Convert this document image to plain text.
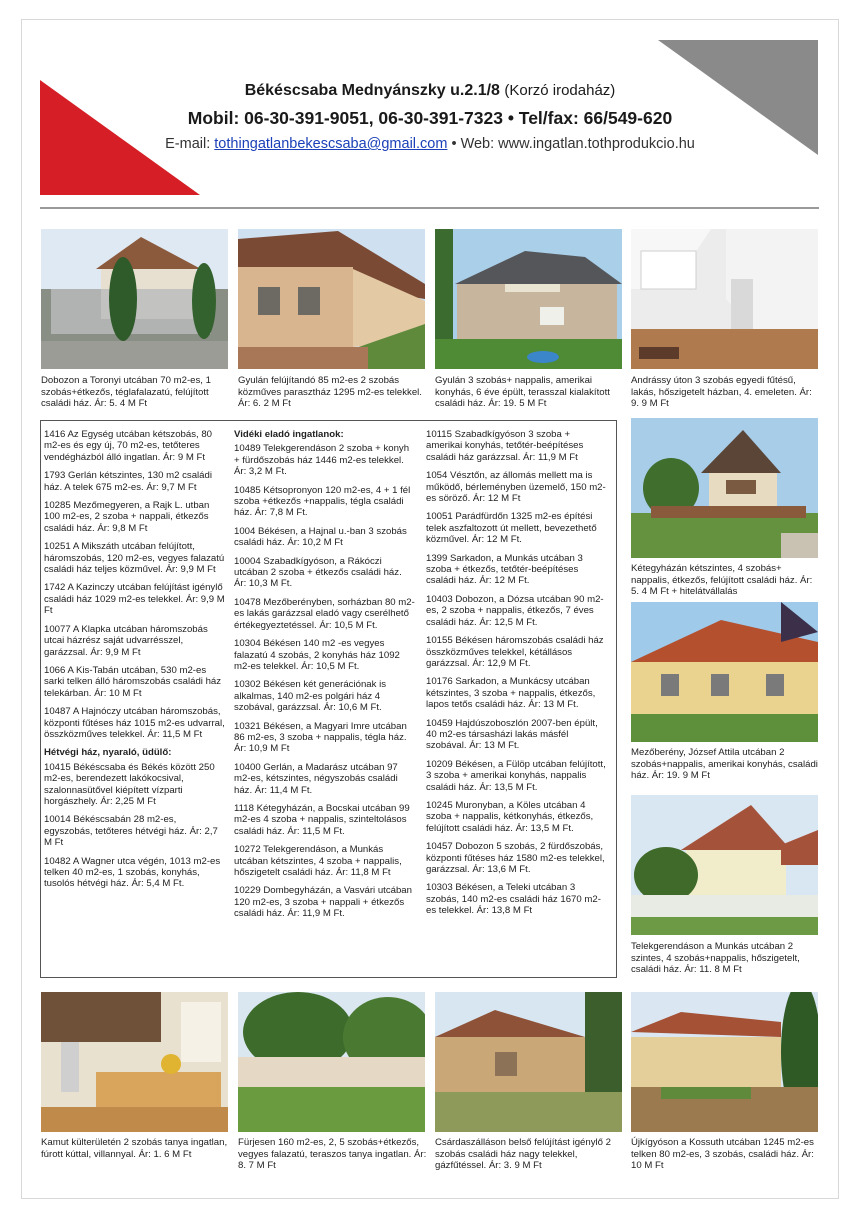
Békéscsaba Mednyánszky u.2.1/8 (Korzó irodaház)
Mobil: 06-30-391-9051, 06-30-391-7323 • Tel/fax: 66/549-620
E-mail: tothingatlanbekescsaba@gmail.com • Web: www.ingatlan.tothprodukcio.hu
Dobozon a Toronyi utcában 70 m2-es, 1 szobás+étkezős, téglafalazatú, felújított családi ház. Ár: 5. 4 M Ft
Gyulán felújítandó 85 m2-es 2 szobás közműves parasztház 1295 m2-es telekkel. Ár: 6. 2 M Ft
Gyulán 3 szobás+ nappalis, amerikai konyhás, 6 éve épült, terasszal kialakított családi ház. Ár: 19. 5 M Ft
Andrássy úton 3 szobás egyedi fűtésű, lakás, hőszigetelt házban, 4. emeleten. Ár: 9. 9 M Ft
1416 Az Egység utcában kétszobás, 80 m2-es és egy új, 70 m2-es, tetőteres vendégházból álló ingatlan. Ár: 9 M Ft
1793 Gerlán kétszintes, 130 m2 családi ház. A telek 675 m2-es. Ár: 9,7 M Ft
10285 Mezőmegyeren, a Rajk L. utban 100 m2-es, 2 szoba + nappali, étkezős családi ház. Ár: 9,8 M Ft
10251 A Mikszáth utcában felújított, háromszobás, 120 m2-es, vegyes falazatú családi ház teljes közművel. Ár: 9,9 M Ft
1742 A Kazinczy utcában felújítást igénylő családi ház 1029 m2-es telekkel. Ár: 9,9 M Ft
10077 A Klapka utcában háromszobás utcai házrész saját udvarrésszel, garázzsal. Ár: 9,9 M Ft
1066 A Kis-Tabán utcában, 530 m2-es sarki telken álló háromszobás családi ház telekárban. Ár: 10 M Ft
10487 A Hajnóczy utcában háromszobás, központi fűtéses ház 1015 m2-es udvarral, összközműves telekkel. Ár: 11,5 M Ft
Hétvégi ház, nyaraló, üdülő:
10415 Békéscsaba és Békés között 250 m2-es, berendezett lakókocsival, szalonnasütővel kiépített vízparti horgászhely. Ár: 2,25 M Ft
10014 Békéscsabán 28 m2-es, egyszobás, tetőteres hétvégi ház. Ár: 2,7 M Ft
10482 A Wagner utca végén, 1013 m2-es telken 40 m2-es, 1 szobás, konyhás, tusolós hétvégi ház. Ár: 5,4 M Ft.
Vidéki eladó ingatlanok:
10489 Telekgerendáson 2 szoba + konyh + fürdőszobás ház 1446 m2-es telekkel. Ár: 3,2 M Ft.
10485 Kétsopronyon 120 m2-es, 4 + 1 fél szoba +étkezős +nappalis, tégla családi ház. Ár: 7,8 M Ft.
1004 Békésen, a Hajnal u.-ban 3 szobás családi ház. Ár: 10,2 M Ft
10004 Szabadkígyóson, a Rákóczi utcában 2 szoba + étkezős családi ház. Ár: 10,3 M Ft.
10478 Mezőberényben, sorházban 80 m2-es lakás garázzsal eladó vagy cserélhető értékegyeztetéssel. Ár: 10,5 M Ft.
10304 Békésen 140 m2 -es vegyes falazatú 4 szobás, 2 konyhás ház 1092 m2-es telekkel. Ár: 10,5 M Ft.
10302 Békésen két generációnak is alkalmas, 140 m2-es polgári ház 4 szobával, garázzsal. Ár: 10,6 M Ft.
10321 Békésen, a Magyari Imre utcában 86 m2-es, 3 szoba + nappalis, tégla ház. Ár: 10,9 M Ft
10400 Gerlán, a Madarász utcában 97 m2-es, kétszintes, négyszobás családi ház. Ár: 11,4 M Ft.
1118 Kétegyházán, a Bocskai utcában 99 m2-es 4 szoba + nappalis, szinteltolásos családi ház. Ár: 11,5 M Ft.
10272 Telekgerendáson, a Munkás utcában kétszintes, 4 szoba + nappalis, hőszigetelt családi ház. Ár: 11,8 M Ft
10229 Dombegyházán, a Vasvári utcában 120 m2-es, 3 szoba + nappali + étkezős családi ház. Ár: 11,9 M Ft.
10115 Szabadkígyóson 3 szoba + amerikai konyhás, tetőtér-beépítéses családi ház garázzsal. Ár: 11,9 M Ft
1054 Vésztőn, az állomás mellett ma is működő, bérleményben üzemelő, 150 m2-es söröző. Ár: 12 M Ft
10051 Parádfürdőn 1325 m2-es építési telek aszfaltozott út mellett, bevezethető közművel. Ár: 12 M Ft.
1399 Sarkadon, a Munkás utcában 3 szoba + étkezős, tetőtér-beépítéses családi ház. Ár: 12 M Ft.
10403 Dobozon, a Dózsa utcában 90 m2-es, 2 szoba + nappalis, étkezős, 7 éves családi ház. Ár: 12,5 M Ft.
10155 Békésen háromszobás családi ház összközműves telekkel, kétállásos garázzsal. Ár: 12,9 M Ft.
10176 Sarkadon, a Munkácsy utcában kétszintes, 3 szoba + nappalis, étkezős, lapos tetős családi ház. Ár: 13 M Ft.
10459 Hajdúszoboszlón 2007-ben épült, 40 m2-es társasházi lakás másfél szobával. Ár: 13 M Ft.
10209 Békésen, a Fülöp utcában felújított, 3 szoba + amerikai konyhás, nappalis családi ház. Ár: 13,5 M Ft.
10245 Muronyban, a Köles utcában 4 szoba + nappalis, kétkonyhás, étkezős, felújított családi ház. Ár: 13,5 M Ft.
10457 Dobozon 5 szobás, 2 fürdőszobás, központi fűtéses ház 1580 m2-es telekkel, garázzsal. Ár: 13,6 M Ft.
10303 Békésen, a Teleki utcában 3 szobás, 140 m2-es családi ház 1670 m2-es telekkel. Ár: 13,8 M Ft
Kétegyházán kétszintes, 4 szobás+ nappalis, étkezős, felújított családi ház. Ár: 5. 4 M Ft + hitelátvállalás
Mezőberény, József Attila utcában 2 szobás+nappalis, amerikai konyhás, családi ház. Ár: 19. 9 M Ft
Telekgerendáson a Munkás utcában 2 szintes, 4 szobás+nappalis, hőszigetelt, családi ház. Ár: 11. 8 M Ft
Kamut külterületén 2 szobás tanya ingatlan, fúrott kúttal, villannyal. Ár: 1. 6 M Ft
Fürjesen 160 m2-es, 2, 5 szobás+étkezős, vegyes falazatú, teraszos tanya ingatlan. Ár: 8. 7 M Ft
Csárdaszálláson belső felújítást igénylő 2 szobás családi ház nagy telekkel, gázfűtéssel. Ár: 3. 9 M Ft
Újkígyóson a Kossuth utcában 1245 m2-es telken 80 m2-es, 3 szobás, családi ház. Ár: 10 M Ft
